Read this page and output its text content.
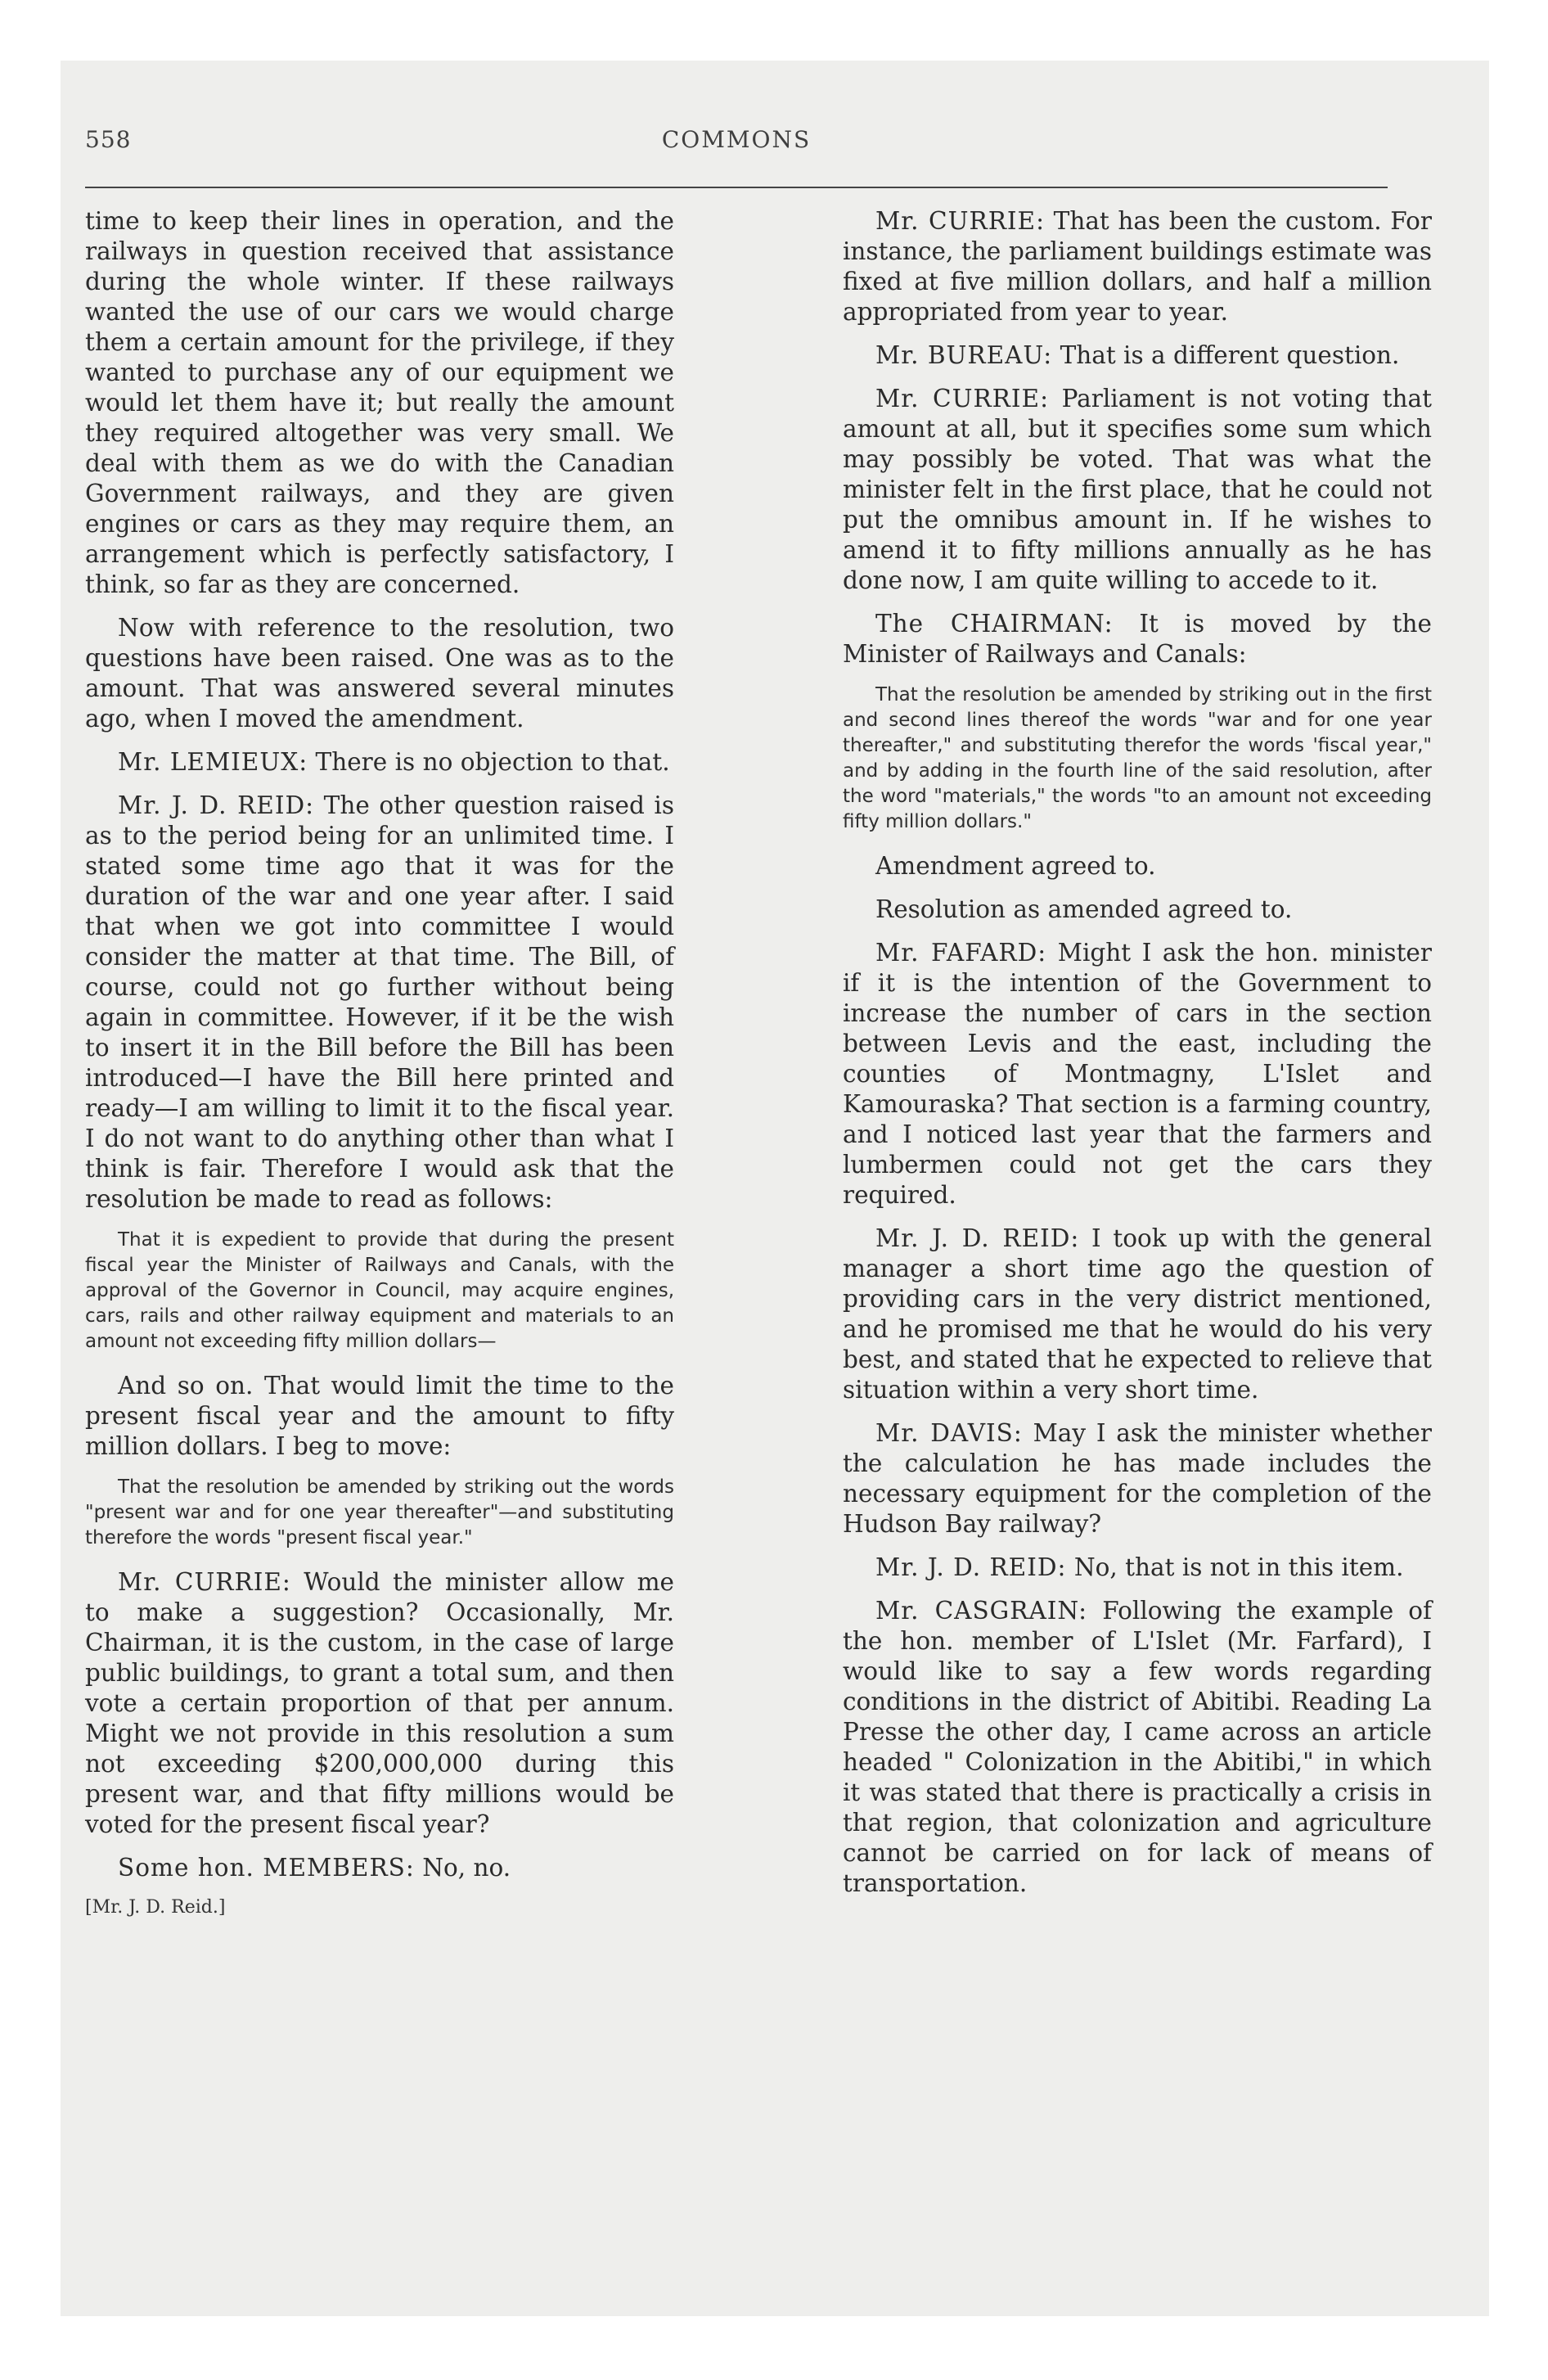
558	COMMONS

time to keep their lines in operation, and the railways in question received that assistance during the whole winter. If these railways wanted the use of our cars we would charge them a certain amount for the privilege, if they wanted to purchase any of our equipment we would let them have it; but really the amount they required altogether was very small. We deal with them as we do with the Canadian Government railways, and they are given engines or cars as they may require them, an arrangement which is perfectly satisfactory, I think, so far as they are concerned.

Now with reference to the resolution, two questions have been raised. One was as to the amount. That was answered several minutes ago, when I moved the amendment.

Mr. LEMIEUX: There is no objection to that.

Mr. J. D. REID: The other question raised is as to the period being for an unlimited time. I stated some time ago that it was for the duration of the war and one year after. I said that when we got into committee I would consider the matter at that time. The Bill, of course, could not go further without being again in committee. However, if it be the wish to insert it in the Bill before the Bill has been introduced—I have the Bill here printed and ready—I am willing to limit it to the fiscal year. I do not want to do anything other than what I think is fair. Therefore I would ask that the resolution be made to read as follows:

That it is expedient to provide that during the present fiscal year the Minister of Railways and Canals, with the approval of the Governor in Council, may acquire engines, cars, rails and other railway equipment and materials to an amount not exceeding fifty million dollars—

And so on. That would limit the time to the present fiscal year and the amount to fifty million dollars. I beg to move:

That the resolution be amended by striking out the words "present war and for one year thereafter"—and substituting therefore the words "present fiscal year."

Mr. CURRIE: Would the minister allow me to make a suggestion? Occasionally, Mr. Chairman, it is the custom, in the case of large public buildings, to grant a total sum, and then vote a certain proportion of that per annum. Might we not provide in this resolution a sum not exceeding $200,000,000 during this present war, and that fifty millions would be voted for the present fiscal year?

Some hon. MEMBERS: No, no.

[Mr. J. D. Reid.]

Mr. CURRIE: That has been the custom. For instance, the parliament buildings estimate was fixed at five million dollars, and half a million appropriated from year to year.

Mr. BUREAU: That is a different question.

Mr. CURRIE: Parliament is not voting that amount at all, but it specifies some sum which may possibly be voted. That was what the minister felt in the first place, that he could not put the omnibus amount in. If he wishes to amend it to fifty millions annually as he has done now, I am quite willing to accede to it.

The CHAIRMAN: It is moved by the Minister of Railways and Canals:

That the resolution be amended by striking out in the first and second lines thereof the words "war and for one year thereafter," and substituting therefor the words 'fiscal year," and by adding in the fourth line of the said resolution, after the word "materials," the words "to an amount not exceeding fifty million dollars."

Amendment agreed to.

Resolution as amended agreed to.

Mr. FAFARD: Might I ask the hon. minister if it is the intention of the Government to increase the number of cars in the section between Levis and the east, including the counties of Montmagny, L'Islet and Kamouraska? That section is a farming country, and I noticed last year that the farmers and lumbermen could not get the cars they required.

Mr. J. D. REID: I took up with the general manager a short time ago the question of providing cars in the very district mentioned, and he promised me that he would do his very best, and stated that he expected to relieve that situation within a very short time.

Mr. DAVIS: May I ask the minister whether the calculation he has made includes the necessary equipment for the completion of the Hudson Bay railway?

Mr. J. D. REID: No, that is not in this item.

Mr. CASGRAIN: Following the example of the hon. member of L'Islet (Mr. Farfard), I would like to say a few words regarding conditions in the district of Abitibi. Reading La Presse the other day, I came across an article headed " Colonization in the Abitibi," in which it was stated that there is practically a crisis in that region, that colonization and agriculture cannot be carried on for lack of means of transportation.
